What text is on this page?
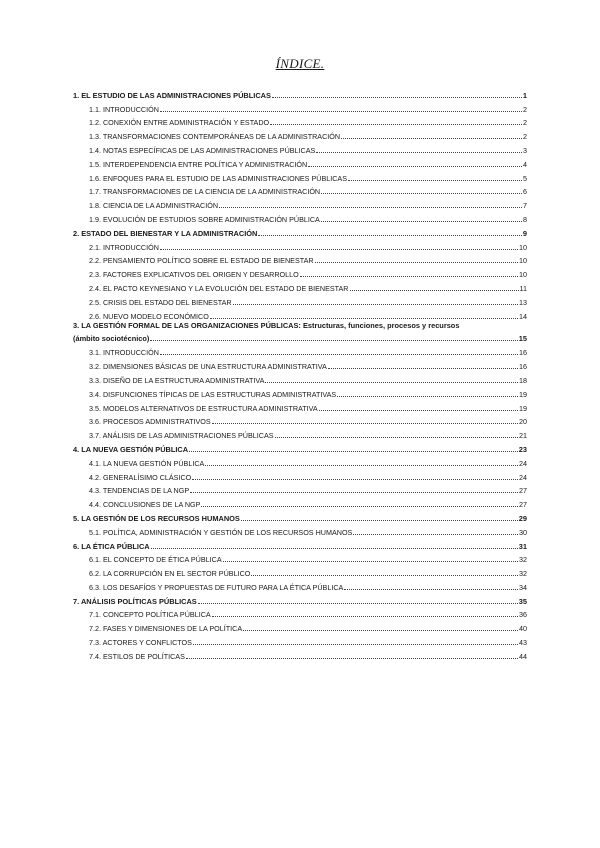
ÍNDICE.
1. EL ESTUDIO DE LAS ADMINISTRACIONES PÚBLICAS	1
1.1. INTRODUCCIÓN	2
1.2. CONEXIÓN ENTRE ADMINISTRACIÓN Y ESTADO	2
1.3. TRANSFORMACIONES CONTEMPORÁNEAS DE LA ADMINISTRACIÓN	2
1.4. NOTAS ESPECÍFICAS DE LAS ADMINISTRACIONES PÚBLICAS	3
1.5. INTERDEPENDENCIA ENTRE POLÍTICA Y ADMINISTRACIÓN	4
1.6. ENFOQUES PARA EL ESTUDIO DE LAS ADMINISTRACIONES PÚBLICAS	5
1.7. TRANSFORMACIONES DE LA CIENCIA DE LA ADMINISTRACIÓN	6
1.8. CIENCIA DE LA ADMINISTRACIÓN	7
1.9. EVOLUCIÓN DE ESTUDIOS SOBRE ADMINISTRACIÓN PÚBLICA	8
2. ESTADO DEL BIENESTAR Y LA ADMINISTRACIÓN	9
2.1. INTRODUCCIÓN	10
2.2. PENSAMIENTO POLÍTICO SOBRE EL ESTADO DE BIENESTAR	10
2.3. FACTORES EXPLICATIVOS DEL ORIGEN Y DESARROLLO	10
2.4. EL PACTO KEYNESIANO Y LA EVOLUCIÓN DEL ESTADO DE BIENESTAR	11
2.5. CRISIS DEL ESTADO DEL BIENESTAR	13
2.6. NUEVO MODELO ECONÓMICO	14
3. LA GESTIÓN FORMAL DE LAS ORGANIZACIONES PÚBLICAS: Estructuras, funciones, procesos y recursos
(ámbito sociotécnico)	15
3.1. INTRODUCCIÓN	16
3.2. DIMENSIONES BÁSICAS DE UNA ESTRUCTURA ADMINISTRATIVA	16
3.3. DISEÑO DE LA ESTRUCTURA ADMINISTRATIVA	18
3.4. DISFUNCIONES TÍPICAS DE LAS ESTRUCTURAS ADMINISTRATIVAS	19
3.5. MODELOS ALTERNATIVOS DE ESTRUCTURA ADMINISTRATIVA	19
3.6. PROCESOS ADMINISTRATIVOS	20
3.7. ANÁLISIS DE LAS ADMINISTRACIONES PÚBLICAS	21
4. LA NUEVA GESTIÓN PÚBLICA	23
4.1. LA NUEVA GESTIÓN PÚBLICA	24
4.2. GENERALÍSIMO CLÁSICO	24
4.3. TENDENCIAS DE LA NGP	27
4.4. CONCLUSIONES DE LA NGP	27
5. LA GESTIÓN DE LOS RECURSOS HUMANOS	29
5.1. POLÍTICA, ADMINISTRACIÓN Y GESTIÓN DE LOS RECURSOS HUMANOS	30
6. LA ÉTICA PÚBLICA	31
6.1. EL CONCEPTO DE ÉTICA PÚBLICA	32
6.2. LA CORRUPCIÓN EN EL SECTOR PÚBLICO	32
6.3. LOS DESAFÍOS Y PROPUESTAS DE FUTURO PARA LA ÉTICA PÚBLICA	34
7. ANÁLISIS POLÍTICAS PÚBLICAS	35
7.1. CONCEPTO POLÍTICA PÚBLICA	36
7.2. FASES Y DIMENSIONES DE LA POLÍTICA	40
7.3. ACTORES Y CONFLICTOS	43
7.4. ESTILOS DE POLÍTICAS	44
